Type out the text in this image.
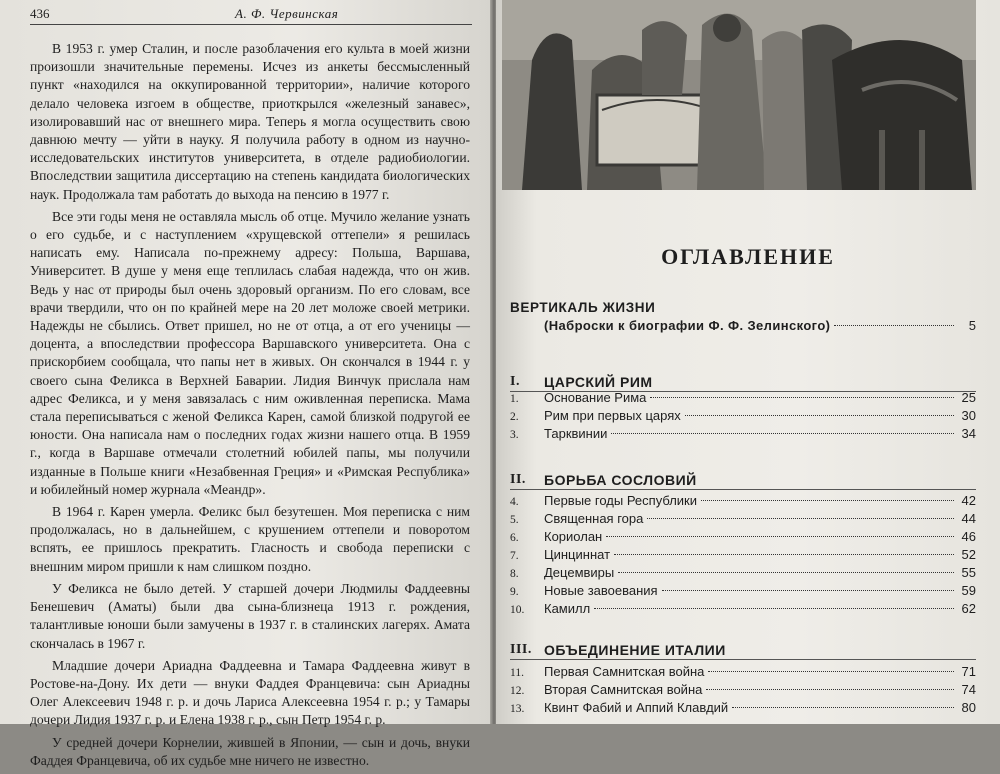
436	А. Ф. Червинская

В 1953 г. умер Сталин, и после разоблачения его культа в моей жизни произошли значительные перемены. Исчез из анкеты бессмысленный пункт «находился на оккупированной территории», наличие которого делало человека изгоем в обществе, приоткрылся «железный занавес», изолировавший нас от внешнего мира. Теперь я могла осуществить свою давнюю мечту — уйти в науку. Я получила работу в одном из научно-исследовательских институтов университета, в отделе радиобиологии. Впоследствии защитила диссертацию на степень кандидата биологических наук. Продолжала там работать до выхода на пенсию в 1977 г.

Все эти годы меня не оставляла мысль об отце. Мучило желание узнать о его судьбе, и с наступлением «хрущевской оттепели» я решилась написать ему. Написала по-прежнему адресу: Польша, Варшава, Университет. В душе у меня еще теплилась слабая надежда, что он жив. Ведь у нас от природы был очень здоровый организм. По его словам, все врачи твердили, что он по крайней мере на 20 лет моложе своей метрики. Надежды не сбылись. Ответ пришел, но не от отца, а от его ученицы — доцента, а впоследствии профессора Варшавского университета. Она с прискорбием сообщала, что папы нет в живых. Он скончался в 1944 г. у своего сына Феликса в Верхней Баварии. Лидия Винчук прислала нам адрес Феликса, и у меня завязалась с ним оживленная переписка. Мама стала переписываться с женой Феликса Карен, самой близкой подругой ее юности. Она написала нам о последних годах жизни нашего отца. В 1959 г., когда в Варшаве отмечали столетний юбилей папы, мы получили изданные в Польше книги «Незабвенная Греция» и «Римская Республика» и юбилейный номер журнала «Меандр».

В 1964 г. Карен умерла. Феликс был безутешен. Моя переписка с ним продолжалась, но в дальнейшем, с крушением оттепели и поворотом вспять, ее пришлось прекратить. Гласность и свобода переписки с внешним миром пришли к нам слишком поздно.

У Феликса не было детей. У старшей дочери Людмилы Фаддеевны Бенешевич (Аматы) были два сына-близнеца 1913 г. рождения, талантливые юноши были замучены в 1937 г. в сталинских лагерях. Амата скончалась в 1967 г.

Младшие дочери Ариадна Фаддеевна и Тамара Фаддеевна живут в Ростове-на-Дону. Их дети — внуки Фаддея Францевича: сын Ариадны Олег Алексеевич 1948 г. р. и дочь Лариса Алексеевна 1954 г. р.; у Тамары дочери Лидия 1937 г. р. и Елена 1938 г. р., сын Петр 1954 г. р.

У средней дочери Корнелии, жившей в Японии, — сын и дочь, внуки Фаддея Францевича, об их судьбе мне ничего не известно.

ОГЛАВЛЕНИЕ
ВЕРТИКАЛЬ ЖИЗНИ
(Наброски к биографии Ф. Ф. Зелинского)	5
I. ЦАРСКИЙ РИМ
1.	Основание Рима	25
2.	Рим при первых царях	30
3.	Тарквинии	34
II. БОРЬБА СОСЛОВИЙ
4.	Первые годы Республики	42
5.	Священная гора	44
6.	Кориолан	46
7.	Цинциннат	52
8.	Децемвиры	55
9.	Новые завоевания	59
10.	Камилл	62
III. ОБЪЕДИНЕНИЕ ИТАЛИИ
11.	Первая Самнитская война	71
12.	Вторая Самнитская война	74
13.	Квинт Фабий и Аппий Клавдий	80
